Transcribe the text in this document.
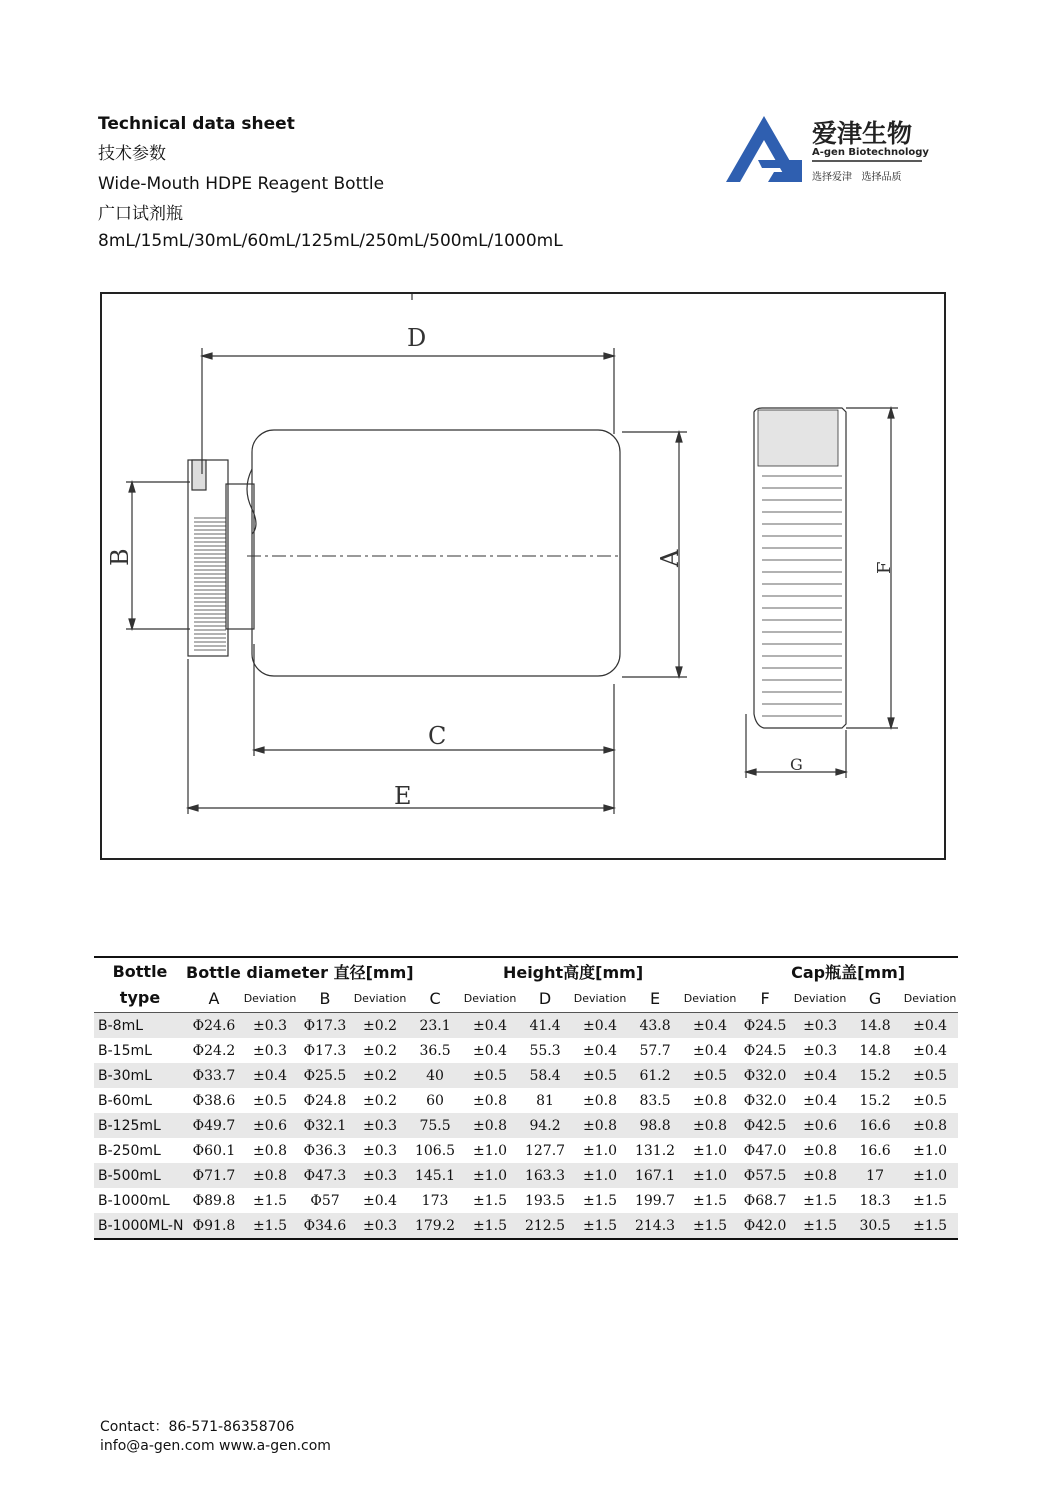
Technical data sheet
技术参数
Wide-Mouth HDPE Reagent Bottle
广口试剂瓶
8mL/15mL/30mL/60mL/125mL/250mL/500mL/1000mL
爱津生物
A-gen Biotechnology
选择爱津   选择品质
D
A
B
C
E
F
G
Bottle
type	Bottle diameter 直径[mm]				Height高度[mm]						Cap瓶盖[mm]			
	A	Deviation	B	Deviation	C	Deviation	D	Deviation	E	Deviation	F	Deviation	G	Deviation
B-8mL	Φ24.6	±0.3	Φ17.3	±0.2	23.1	±0.4	41.4	±0.4	43.8	±0.4	Φ24.5	±0.3	14.8	±0.4
B-15mL	Φ24.2	±0.3	Φ17.3	±0.2	36.5	±0.4	55.3	±0.4	57.7	±0.4	Φ24.5	±0.3	14.8	±0.4
B-30mL	Φ33.7	±0.4	Φ25.5	±0.2	40	±0.5	58.4	±0.5	61.2	±0.5	Φ32.0	±0.4	15.2	±0.5
B-60mL	Φ38.6	±0.5	Φ24.8	±0.2	60	±0.8	81	±0.8	83.5	±0.8	Φ32.0	±0.4	15.2	±0.5
B-125mL	Φ49.7	±0.6	Φ32.1	±0.3	75.5	±0.8	94.2	±0.8	98.8	±0.8	Φ42.5	±0.6	16.6	±0.8
B-250mL	Φ60.1	±0.8	Φ36.3	±0.3	106.5	±1.0	127.7	±1.0	131.2	±1.0	Φ47.0	±0.8	16.6	±1.0
B-500mL	Φ71.7	±0.8	Φ47.3	±0.3	145.1	±1.0	163.3	±1.0	167.1	±1.0	Φ57.5	±0.8	17	±1.0
B-1000mL	Φ89.8	±1.5	Φ57	±0.4	173	±1.5	193.5	±1.5	199.7	±1.5	Φ68.7	±1.5	18.3	±1.5
B-1000ML-N	Φ91.8	±1.5	Φ34.6	±0.3	179.2	±1.5	212.5	±1.5	214.3	±1.5	Φ42.0	±1.5	30.5	±1.5
Contact：86-571-86358706
info@a-gen.com www.a-gen.com
